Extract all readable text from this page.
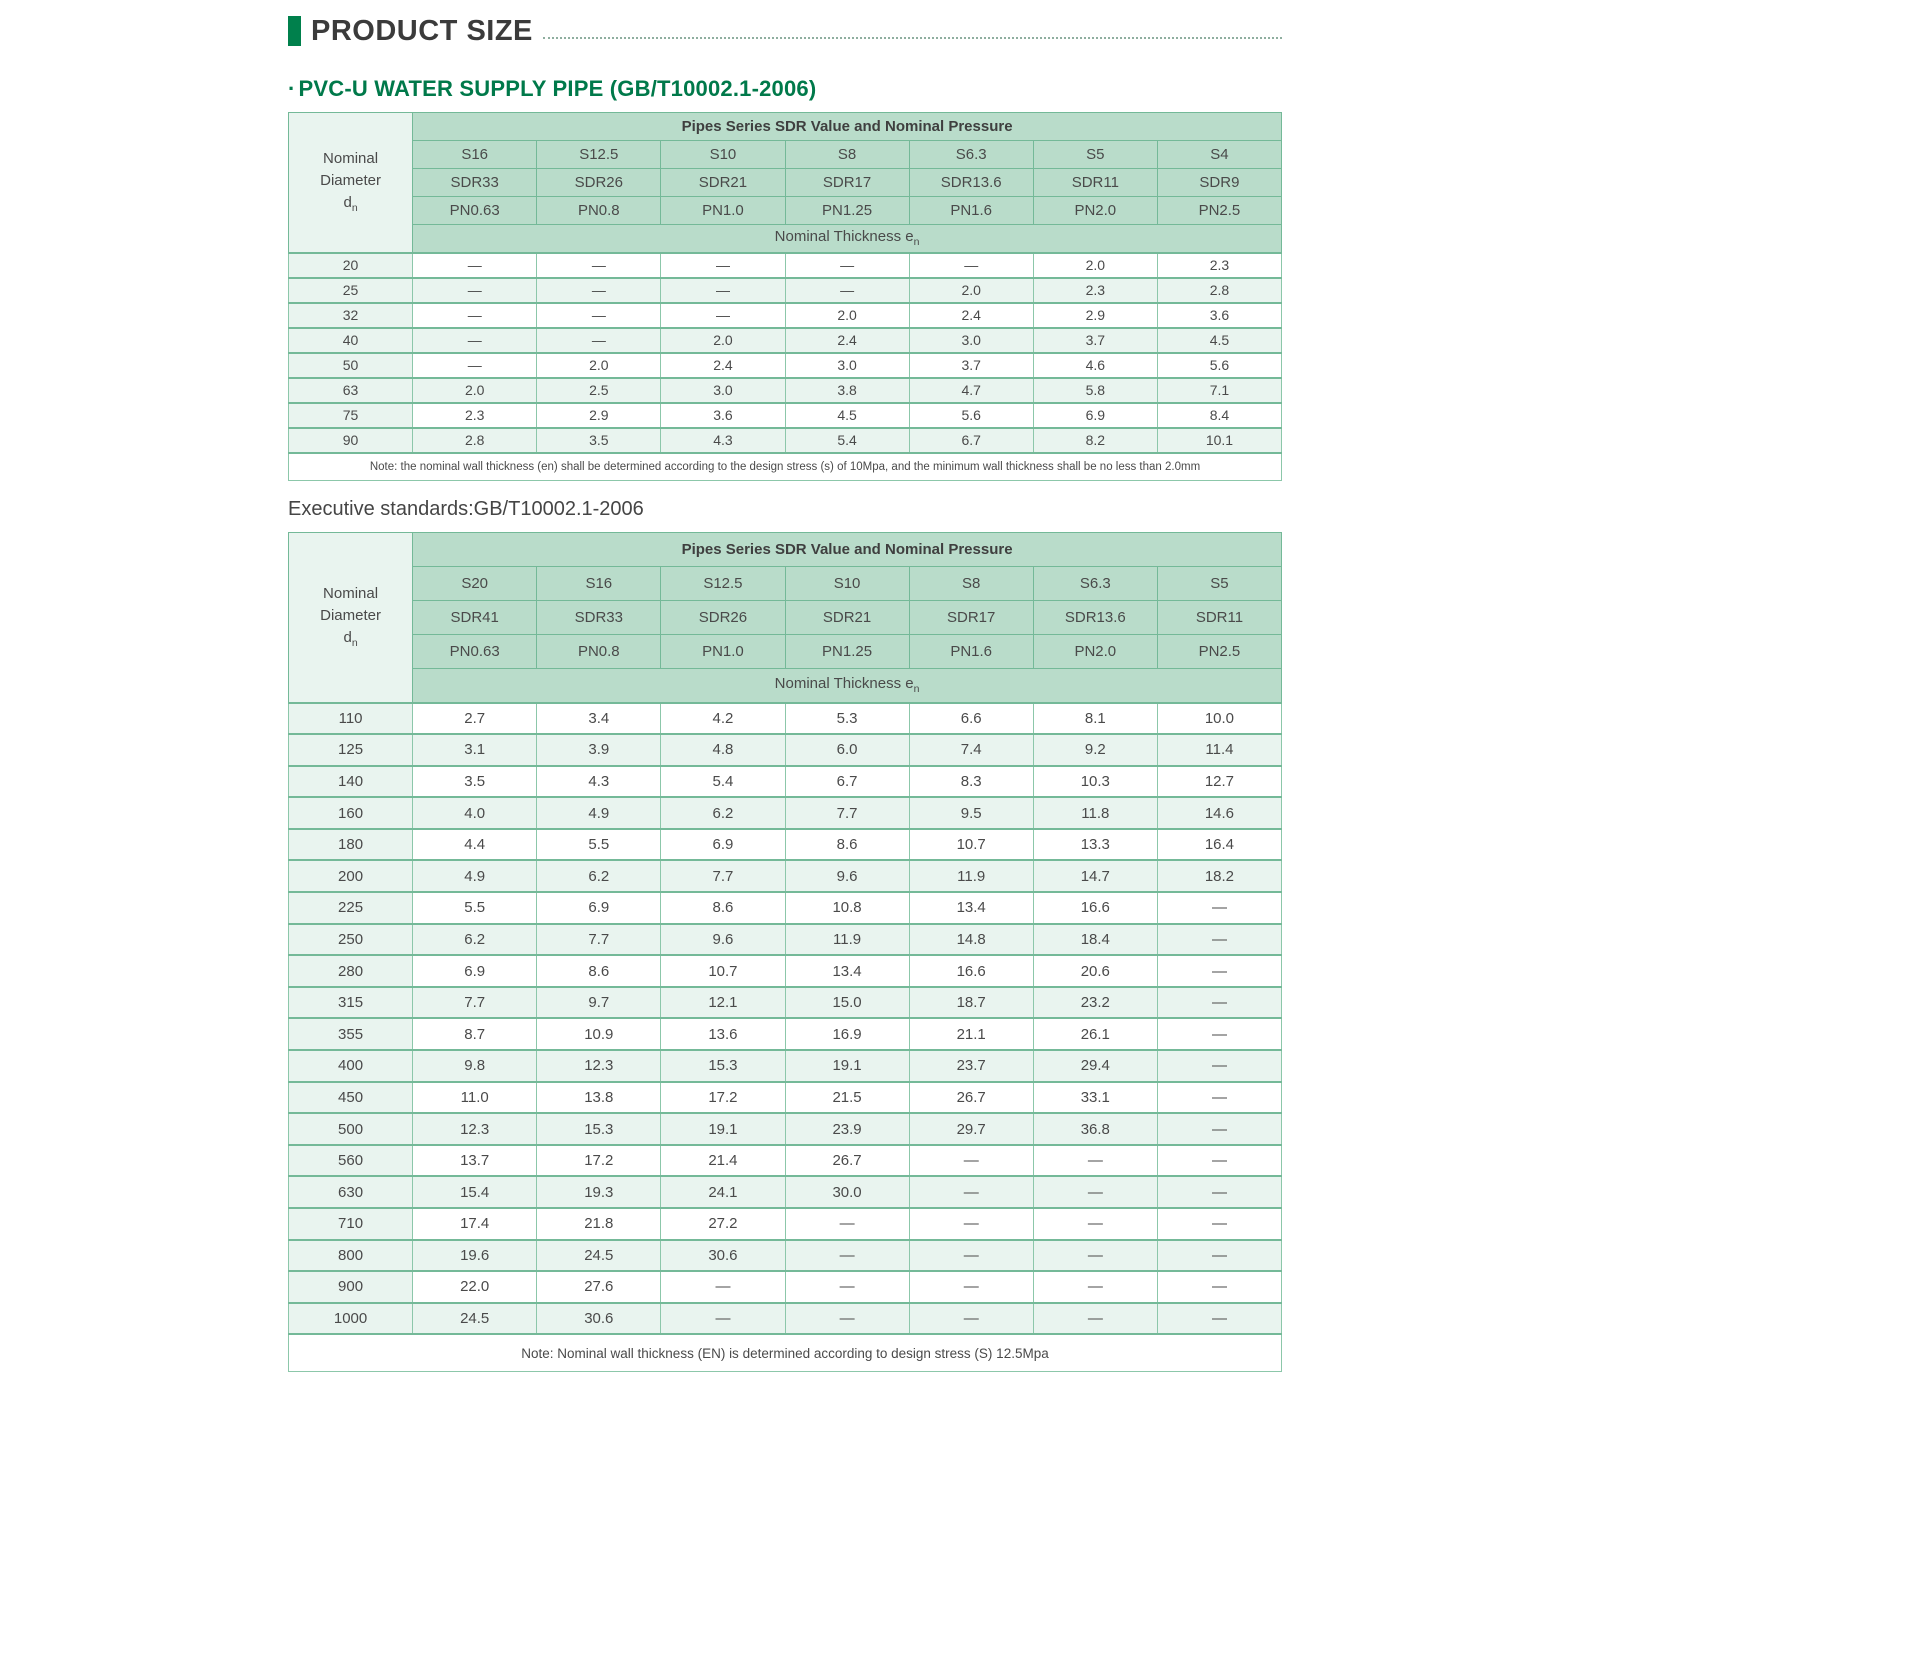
PRODUCT SIZE
· PVC-U WATER SUPPLY PIPE (GB/T10002.1-2006)
Nominal Diameter
$d_n$	Pipes Series SDR Value and Nominal Pressure						
	S16	S12.5	S10	S8	S6.3	S5	S4
	SDR33	SDR26	SDR21	SDR17	SDR13.6	SDR11	SDR9
	PN0.63	PN0.8	PN1.0	PN1.25	PN1.6	PN2.0	PN2.5
	Nominal Thickness $e_n$
20	—	—	—	—	—	2.0	2.3
25	—	—	—	—	2.0	2.3	2.8
32	—	—	—	2.0	2.4	2.9	3.6
40	—	—	2.0	2.4	3.0	3.7	4.5
50	—	2.0	2.4	3.0	3.7	4.6	5.6
63	2.0	2.5	3.0	3.8	4.7	5.8	7.1
75	2.3	2.9	3.6	4.5	5.6	6.9	8.4
90	2.8	3.5	4.3	5.4	6.7	8.2	10.1
Note: the nominal wall thickness (en) shall be determined according to the design stress (s) of 10Mpa, and the minimum wall thickness shall be no less than 2.0mm							

Executive standards:GB/T10002.1-2006

Nominal Diameter
$d_n$	Pipes Series SDR Value and Nominal Pressure						
	S20	S16	S12.5	S10	S8	S6.3	S5
	SDR41	SDR33	SDR26	SDR21	SDR17	SDR13.6	SDR11
	PN0.63	PN0.8	PN1.0	PN1.25	PN1.6	PN2.0	PN2.5
	Nominal Thickness $e_n$
110	2.7	3.4	4.2	5.3	6.6	8.1	10.0
125	3.1	3.9	4.8	6.0	7.4	9.2	11.4
140	3.5	4.3	5.4	6.7	8.3	10.3	12.7
160	4.0	4.9	6.2	7.7	9.5	11.8	14.6
180	4.4	5.5	6.9	8.6	10.7	13.3	16.4
200	4.9	6.2	7.7	9.6	11.9	14.7	18.2
225	5.5	6.9	8.6	10.8	13.4	16.6	—
250	6.2	7.7	9.6	11.9	14.8	18.4	—
280	6.9	8.6	10.7	13.4	16.6	20.6	—
315	7.7	9.7	12.1	15.0	18.7	23.2	—
355	8.7	10.9	13.6	16.9	21.1	26.1	—
400	9.8	12.3	15.3	19.1	23.7	29.4	—
450	11.0	13.8	17.2	21.5	26.7	33.1	—
500	12.3	15.3	19.1	23.9	29.7	36.8	—
560	13.7	17.2	21.4	26.7	—	—	—
630	15.4	19.3	24.1	30.0	—	—	—
710	17.4	21.8	27.2	—	—	—	—
800	19.6	24.5	30.6	—	—	—	—
900	22.0	27.6	—	—	—	—	—
1000	24.5	30.6	—	—	—	—	—
Note: Nominal wall thickness (EN) is determined according to design stress (S) 12.5Mpa							
